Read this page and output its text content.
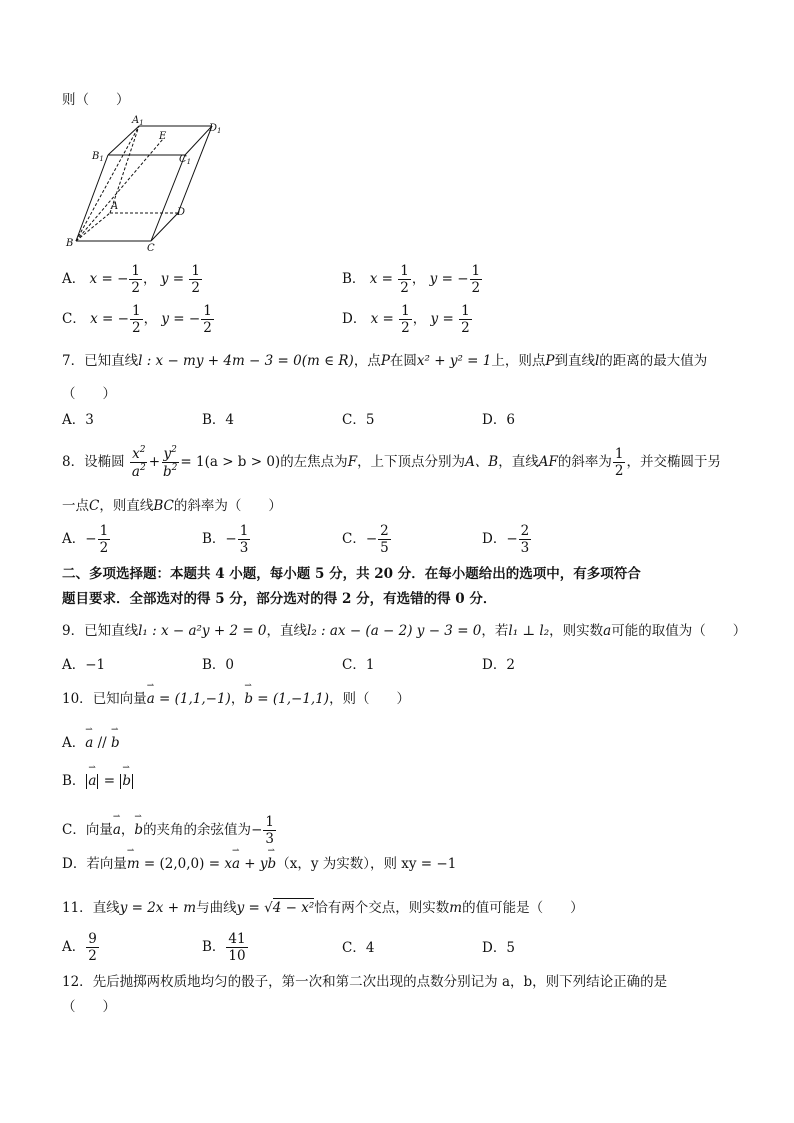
则（　　）
$A_1$	$D_1$
E
$B_1$	$C_1$
A
D
B	C
A． x = − $\frac{1}{2}$ ， $y = \frac{1}{2}$	B． $x = \frac{1}{2}$ ， y = − $\frac{1}{2}$
C． x = − $\frac{1}{2}$ ， y = − $\frac{1}{2}$	D． $x = \frac{1}{2}$ ， $y = \frac{1}{2}$
7．已知直线l : x − my + 4m − 3 = 0(m ∈ R)，点P在圆x² + y² = 1上，则点P到直线l的距离的最大值为
（　　）
A．3	B．4	C．5	D．6
8．设椭圆 $\frac{x^2}{a^2} + \frac{y^2}{b^2} = 1(a > b > 0)$的左焦点为F，上下顶点分别为A、B，直线AF的斜率为 $\frac{1}{2}$ ，并交椭圆于另
一点C，则直线BC的斜率为（　　）
A．− $\frac{1}{2}$	B．− $\frac{1}{3}$	C．− $\frac{2}{5}$	D．− $\frac{2}{3}$
二、多项选择题：本题共 4 小题，每小题 5 分，共 20 分．在每小题给出的选项中，有多项符合
题目要求．全部选对的得 5 分，部分选对的得 2 分，有选错的得 0 分．
9．已知直线l₁ : x − a²y + 2 = 0，直线l₂ : ax − (a − 2) y − 3 = 0，若l₁ ⊥ l₂，则实数a可能的取值为（　　）
A．−1	B．0	C．1	D．2
10．已知向量⇀ a = (1,1,−1)，⇀ b = (1,−1,1)，则（　　）
A．⇀ a // ⇀ b
B．⇀ a = ⇀ b
C．向量⇀ a，⇀ b的夹角的余弦值为− $\frac{1}{3}$
D．若向量⇀ m = (2,0,0) = x⇀ a + y⇀ b（x，y 为实数），则 xy = −1
11．直线y = 2x + m与曲线y = √4 − x²恰有两个交点，则实数m的值可能是（　　）
A． $\frac{9}{2}$	B． $\frac{41}{10}$	C．4	D．5
12．先后抛掷两枚质地均匀的骰子，第一次和第二次出现的点数分别记为 a，b，则下列结论正确的是
（　　）
